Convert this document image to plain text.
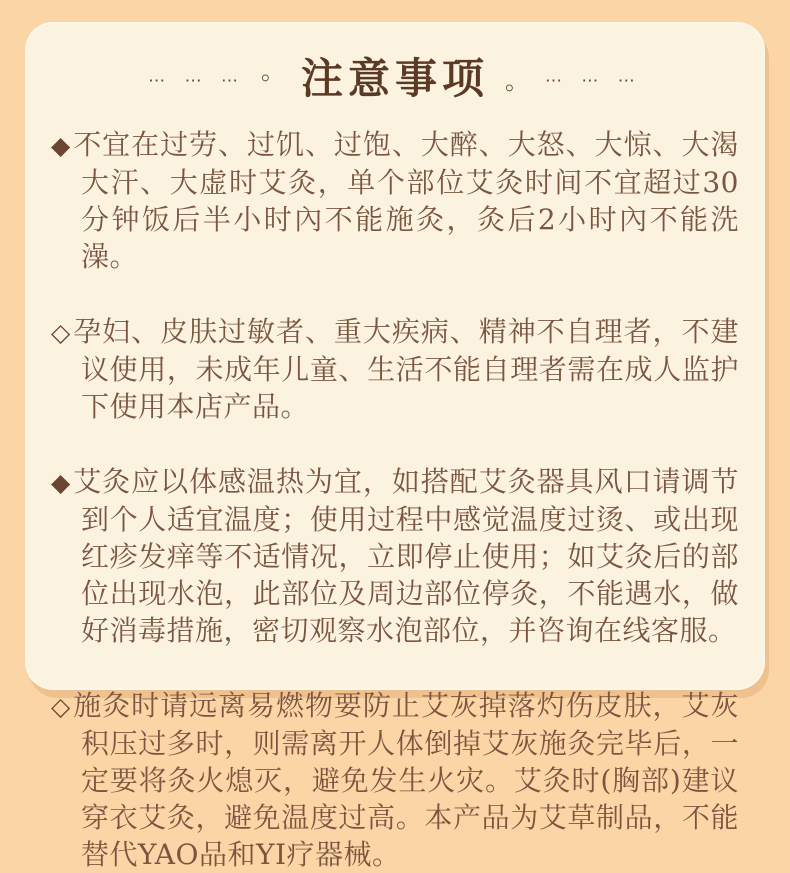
⋯ ⋯ ⋯ 。 注意事项 。 ⋯ ⋯ ⋯

◆不宜在过劳、过饥、过饱、大醉、大怒、大惊、大渴大汗、大虚时艾灸，单个部位艾灸时间不宜超过30分钟饭后半小时內不能施灸，灸后2小时內不能洗澡。

◇孕妇、皮肤过敏者、重大疾病、精神不自理者，不建议使用，未成年儿童、生活不能自理者需在成人监护下使用本店产品。

◆艾灸应以体感温热为宜，如搭配艾灸器具风口请调节到个人适宜温度；使用过程中感觉温度过烫、或出现红疹发痒等不适情况，立即停止使用；如艾灸后的部位出现水泡，此部位及周边部位停灸，不能遇水，做好消毒措施，密切观察水泡部位，并咨询在线客服。

◇施灸时请远离易燃物要防止艾灰掉落灼伤皮肤，艾灰积压过多时，则需离开人体倒掉艾灰施灸完毕后，一定要将灸火熄灭，避免发生火灾。艾灸时(胸部)建议穿衣艾灸，避免温度过高。本产品为艾草制品，不能替代YAO品和YI疗器械。
